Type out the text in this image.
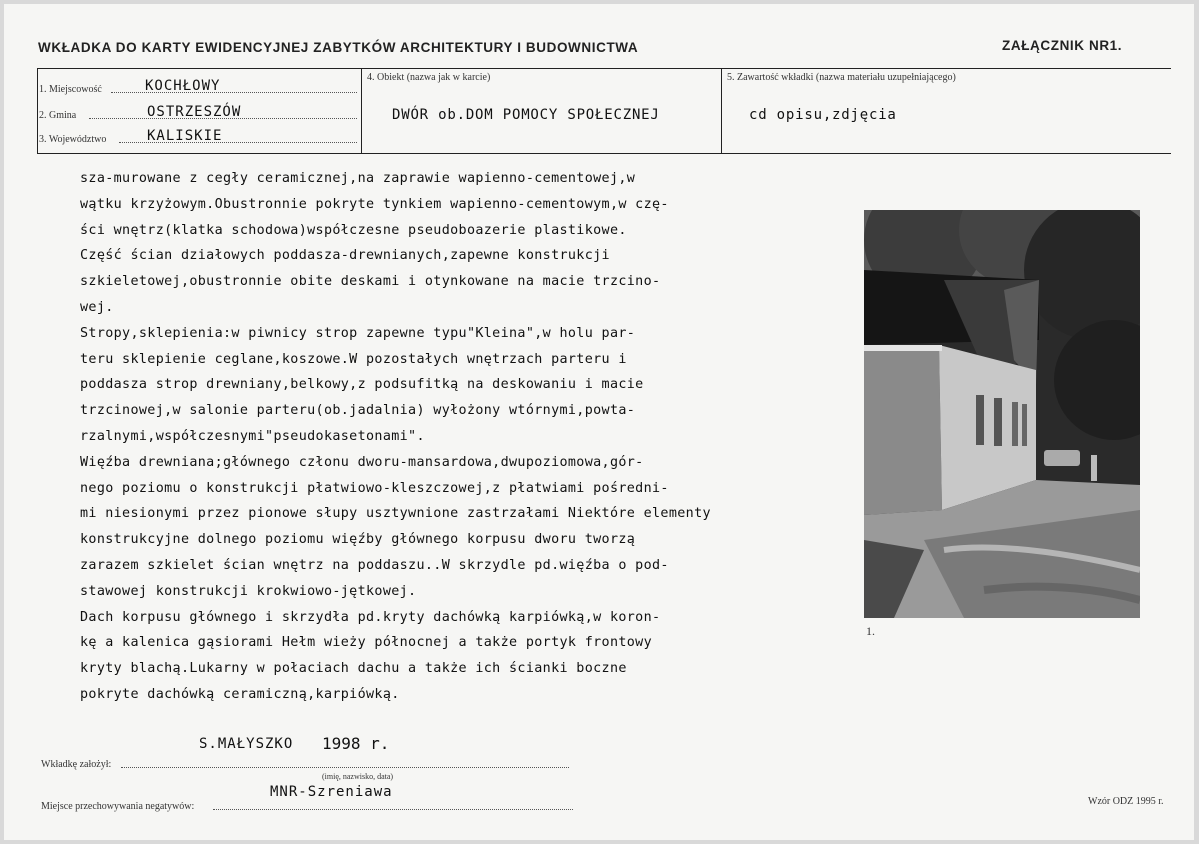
WKŁADKA DO KARTY EWIDENCYJNEJ ZABYTKÓW ARCHITEKTURY I BUDOWNICTWA	ZAŁĄCZNIK NR1.
1. Miejscowość	KOCHŁOWY
2. Gmina	OSTRZESZÓW
3. Województwo	KALISKIE
4. Obiekt (nazwa jak w karcie)
DWÓR ob.DOM POMOCY SPOŁECZNEJ
5. Zawartość wkładki (nazwa materiału uzupełniającego)
cd opisu,zdjęcia
sza-murowane z cegły ceramicznej,na zaprawie wapienno-cementowej,w
wątku krzyżowym.Obustronnie pokryte tynkiem wapienno-cementowym,w czę-
ści wnętrz(klatka schodowa)współczesne pseudoboazerie plastikowe.
Część ścian działowych poddasza-drewnianych,zapewne konstrukcji
szkieletowej,obustronnie obite deskami i otynkowane na macie trzcino-
wej.
Stropy,sklepienia:w piwnicy strop zapewne typu"Kleina",w holu par-
teru sklepienie ceglane,koszowe.W pozostałych wnętrzach parteru i
poddasza strop drewniany,belkowy,z podsufitką na deskowaniu i macie
trzcinowej,w salonie parteru(ob.jadalnia) wyłożony wtórnymi,powta-
rzalnymi,współczesnymi"pseudokasetonami".
Więźba drewniana;głównego członu dworu-mansardowa,dwupoziomowa,gór-
nego poziomu o konstrukcji płatwiowo-kleszczowej,z płatwiami pośredni-
mi niesionymi przez pionowe słupy usztywnione zastrzałami Niektóre elementy
konstrukcyjne dolnego poziomu więźby głównego korpusu dworu tworzą
zarazem szkielet ścian wnętrz na poddaszu..W skrzydle pd.więźba o pod-
stawowej konstrukcji krokwiowo-jętkowej.
Dach korpusu głównego i skrzydła pd.kryty dachówką karpiówką,w koron-
kę a kalenica gąsiorami Hełm wieży północnej a także portyk frontowy
kryty blachą.Lukarny w połaciach dachu a także ich ścianki boczne
pokryte dachówką ceramiczną,karpiówką.
1.
S.MAŁYSZKO 1998 r.
Wkładkę założył:
(imię, nazwisko, data)
Miejsce przechowywania negatywów:
MNR-Szreniawa
Wzór ODZ 1995 r.
